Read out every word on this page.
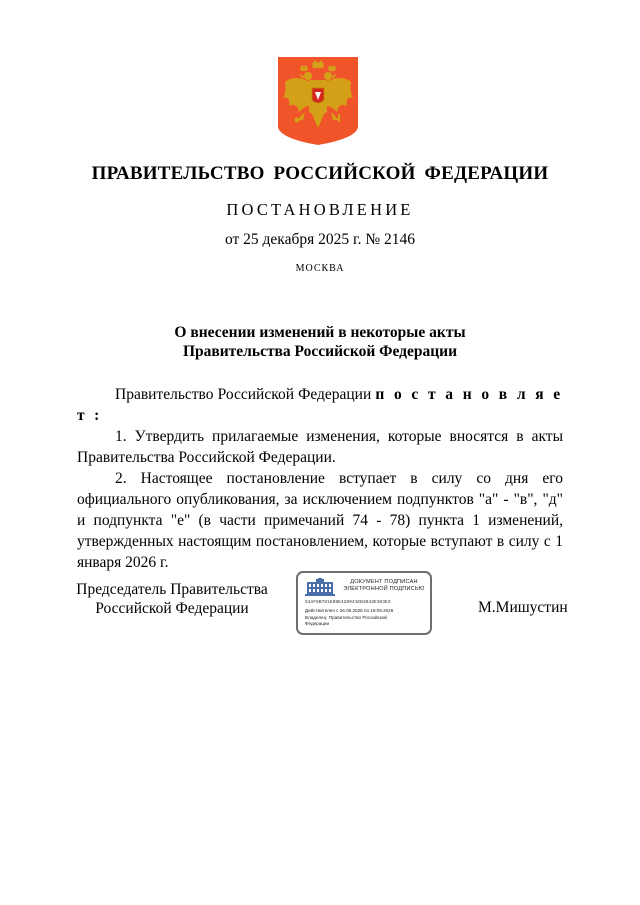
ПРАВИТЕЛЬСТВО РОССИЙСКОЙ ФЕДЕРАЦИИ
ПОСТАНОВЛЕНИЕ
от 25 декабря 2025 г. № 2146
МОСКВА
О внесении изменений в некоторые акты
Правительства Российской Федерации

Правительство Российской Федерации п о с т а н о в л я е т :

1. Утвердить прилагаемые изменения, которые вносятся в акты Правительства Российской Федерации.

2. Настоящее постановление вступает в силу со дня его официального опубликования, за исключением подпунктов "а" - "в", "д" и подпункта "е" (в части примечаний 74 - 78) пункта 1 изменений, утвержденных настоящим постановлением, которые вступают в силу с 1 января 2026 г.

Председатель Правительства
Российской Федерации
ДОКУМЕНТ ПОДПИСАН
ЭЛЕКТРОННОЙ ПОДПИСЬЮ
51AF6B781E09E420041EB3043E303E3
Действителен с 26.06.2025 по 19.09.2026
Владелец: Правительство Российской
Федерации
М.Мишустин
